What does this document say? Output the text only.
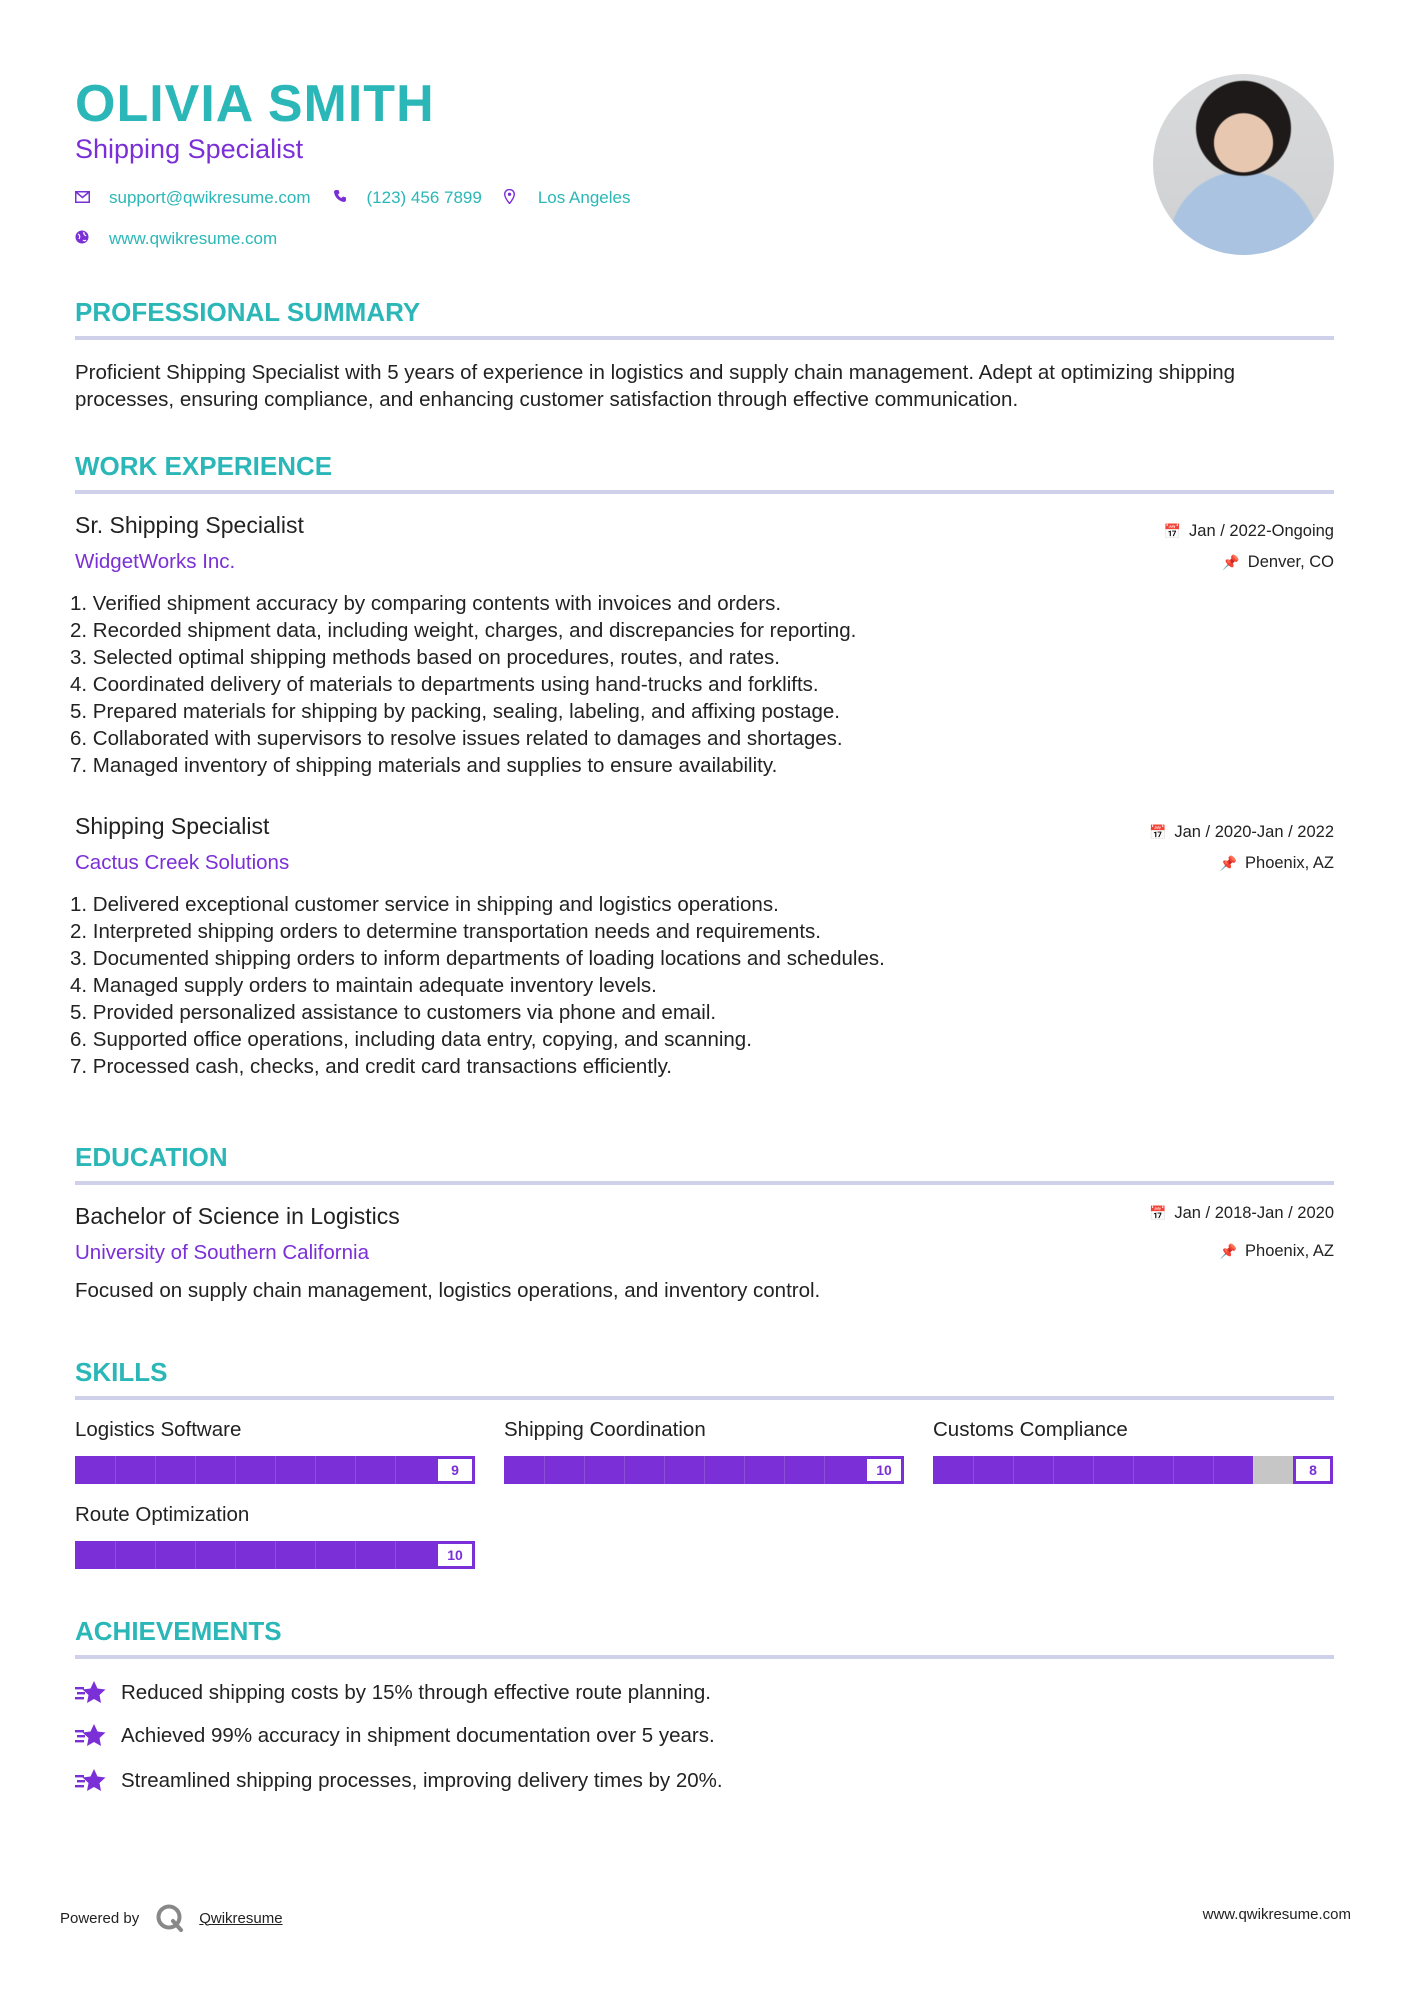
OLIVIA SMITH
Shipping Specialist
support@qwikresume.com	(123) 456 7899	Los Angeles
www.qwikresume.com
PROFESSIONAL SUMMARY
Proficient Shipping Specialist with 5 years of experience in logistics and supply chain management. Adept at optimizing shipping processes, ensuring compliance, and enhancing customer satisfaction through effective communication.
WORK EXPERIENCE
Sr. Shipping Specialist
WidgetWorks Inc.
📅 Jan / 2022-Ongoing
📌 Denver, CO
1. Verified shipment accuracy by comparing contents with invoices and orders.
2. Recorded shipment data, including weight, charges, and discrepancies for reporting.
3. Selected optimal shipping methods based on procedures, routes, and rates.
4. Coordinated delivery of materials to departments using hand-trucks and forklifts.
5. Prepared materials for shipping by packing, sealing, labeling, and affixing postage.
6. Collaborated with supervisors to resolve issues related to damages and shortages.
7. Managed inventory of shipping materials and supplies to ensure availability.
Shipping Specialist
Cactus Creek Solutions
📅 Jan / 2020-Jan / 2022
📌 Phoenix, AZ
1. Delivered exceptional customer service in shipping and logistics operations.
2. Interpreted shipping orders to determine transportation needs and requirements.
3. Documented shipping orders to inform departments of loading locations and schedules.
4. Managed supply orders to maintain adequate inventory levels.
5. Provided personalized assistance to customers via phone and email.
6. Supported office operations, including data entry, copying, and scanning.
7. Processed cash, checks, and credit card transactions efficiently.
EDUCATION
Bachelor of Science in Logistics
University of Southern California
📅 Jan / 2018-Jan / 2020
📌 Phoenix, AZ
Focused on supply chain management, logistics operations, and inventory control.
SKILLS
Logistics Software
9
Shipping Coordination
10
Customs Compliance
8
Route Optimization
10
ACHIEVEMENTS
Reduced shipping costs by 15% through effective route planning.
Achieved 99% accuracy in shipment documentation over 5 years.
Streamlined shipping processes, improving delivery times by 20%.
Powered by	Qwikresume	www.qwikresume.com
